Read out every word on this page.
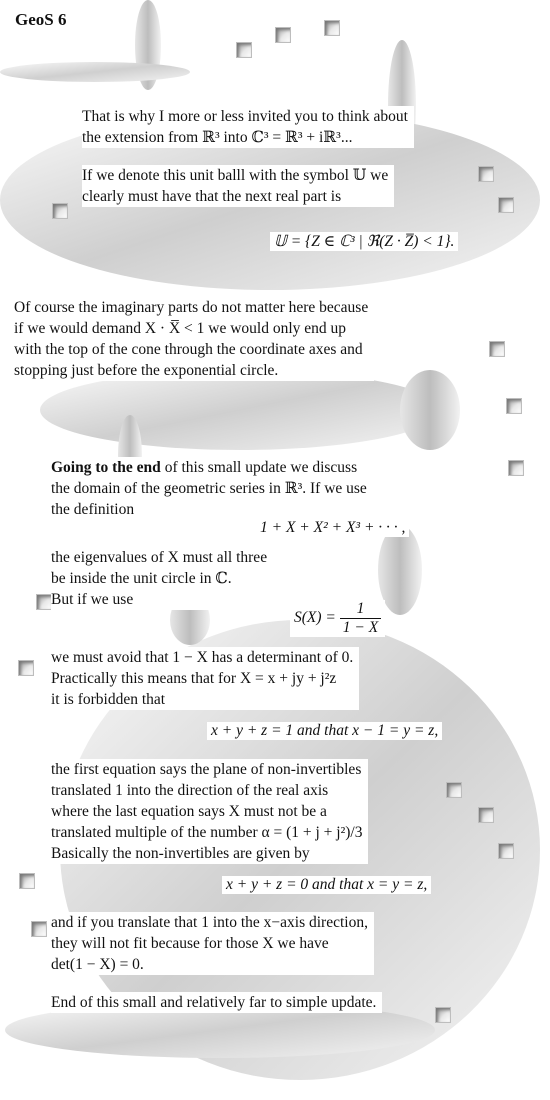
GeoS 6
That is why I more or less invited you to think about
the extension from ℝ³ into ℂ³ = ℝ³ + iℝ³...
If we denote this unit balll with the symbol 𝕌 we
clearly must have that the next real part is
𝕌 = {Z ∈ ℂ³ | ℜ(Z · Z̅) < 1}.
Of course the imaginary parts do not matter here because
if we would demand X · X̅ < 1 we would only end up
with the top of the cone through the coordinate axes and
stopping just before the exponential circle.
Going to the end of this small update we discuss
the domain of the geometric series in ℝ³. If we use
the definition
1 + X + X² + X³ + · · · ,
the eigenvalues of X must all three
be inside the unit circle in ℂ.
But if we use
$S(X) = \frac{1}{1 - X}$
we must avoid that 1 − X has a determinant of 0.
Practically this means that for X = x + jy + j²z
it is forbidden that
x + y + z = 1 and that x − 1 = y = z,
the first equation says the plane of non-invertibles
translated 1 into the direction of the real axis
where the last equation says X must not be a
translated multiple of the number α = (1 + j + j²)/3
Basically the non-invertibles are given by
x + y + z = 0 and that x = y = z,
and if you translate that 1 into the x−axis direction,
they will not fit because for those X we have
det(1 − X) = 0.
End of this small and relatively far to simple update.
